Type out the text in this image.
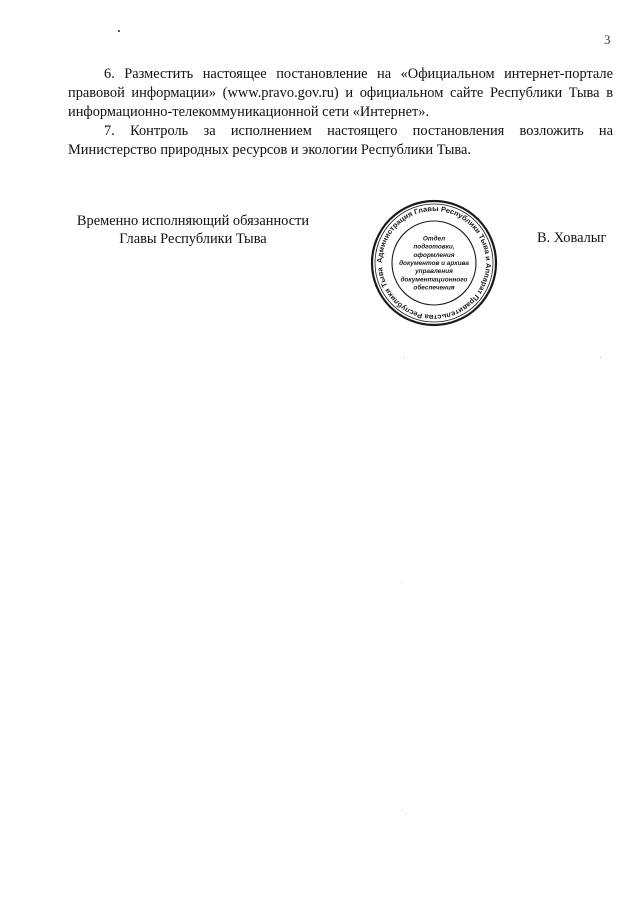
3
6. Разместить настоящее постановление на «Официальном интернет-портале правовой информации» (www.pravo.gov.ru) и официальном сайте Республики Тыва в информационно-телекоммуникационной сети «Интернет».
7. Контроль за исполнением настоящего постановления возложить на Министерство природных ресурсов и экологии Республики Тыва.
Временно исполняющий обязанности
Главы Республики Тыва
Администрация Главы Республики Тыва и Аппарат Правительства Республики Тыва
Отдел
подготовки,
оформления
документов и архива
управления
документационного
обеспечения
В. Ховалыг
